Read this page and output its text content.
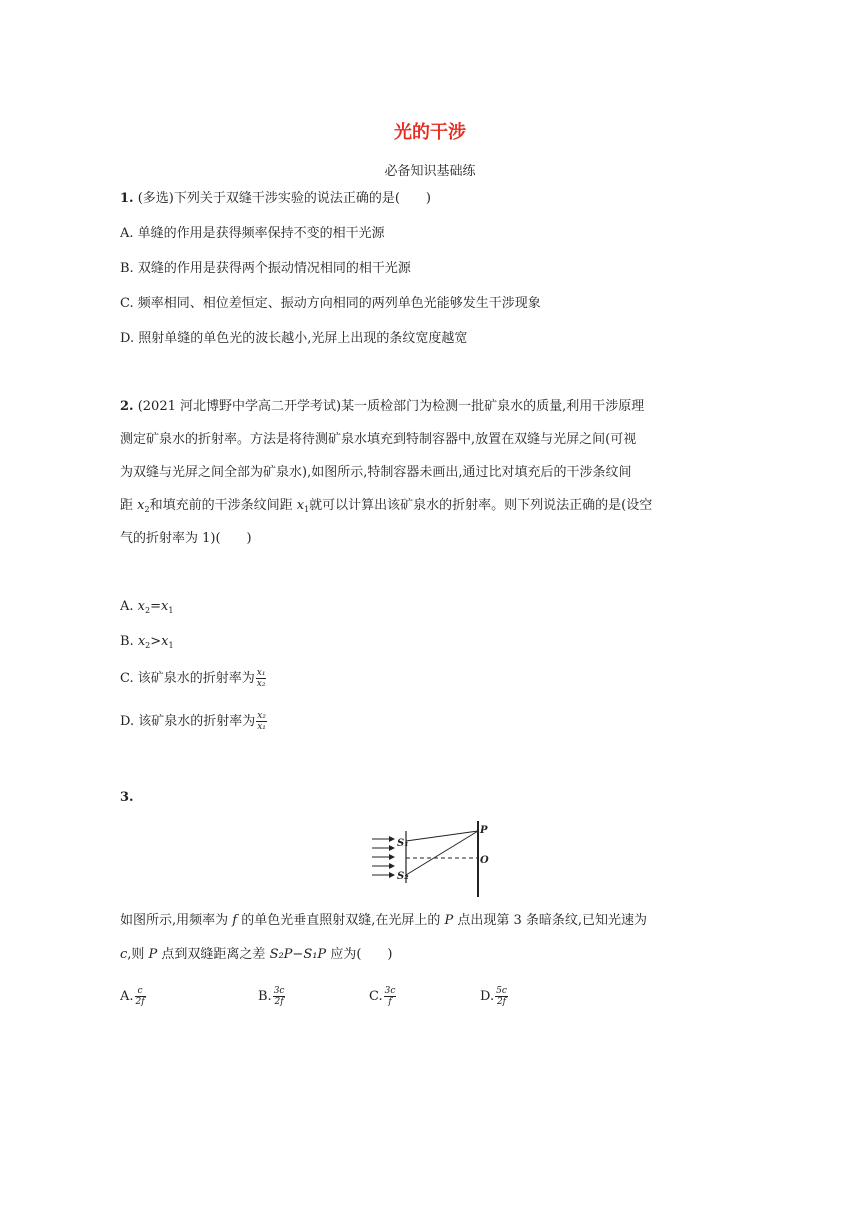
光的干涉
必备知识基础练
1. (多选)下列关于双缝干涉实验的说法正确的是(　　)
A. 单缝的作用是获得频率保持不变的相干光源
B. 双缝的作用是获得两个振动情况相同的相干光源
C. 频率相同、相位差恒定、振动方向相同的两列单色光能够发生干涉现象
D. 照射单缝的单色光的波长越小,光屏上出现的条纹宽度越宽
2. (2021 河北博野中学高二开学考试)某一质检部门为检测一批矿泉水的质量,利用干涉原理
测定矿泉水的折射率。方法是将待测矿泉水填充到特制容器中,放置在双缝与光屏之间(可视
为双缝与光屏之间全部为矿泉水),如图所示,特制容器未画出,通过比对填充后的干涉条纹间
距 $x_2$和填充前的干涉条纹间距 $x_1$就可以计算出该矿泉水的折射率。则下列说法正确的是(设空
气的折射率为 1)(　　)
A. $x_2=x_1$
B. $x_2>x_1$
C. 该矿泉水的折射率为 $\frac{\text{x₁}}{\text{x₂}}$
D. 该矿泉水的折射率为 $\frac{\text{x₂}}{\text{x₁}}$
3.
S₁
S₂
P
O
如图所示,用频率为 f 的单色光垂直照射双缝,在光屏上的 P 点出现第 3 条暗条纹,已知光速为
c,则 P 点到双缝距离之差 S₂P−S₁P 应为(　　)
A. $\frac{c}{2f}$	B. $\frac{3c}{2f}$	C. $\frac{3c}{f}$	D. $\frac{5c}{2f}$
